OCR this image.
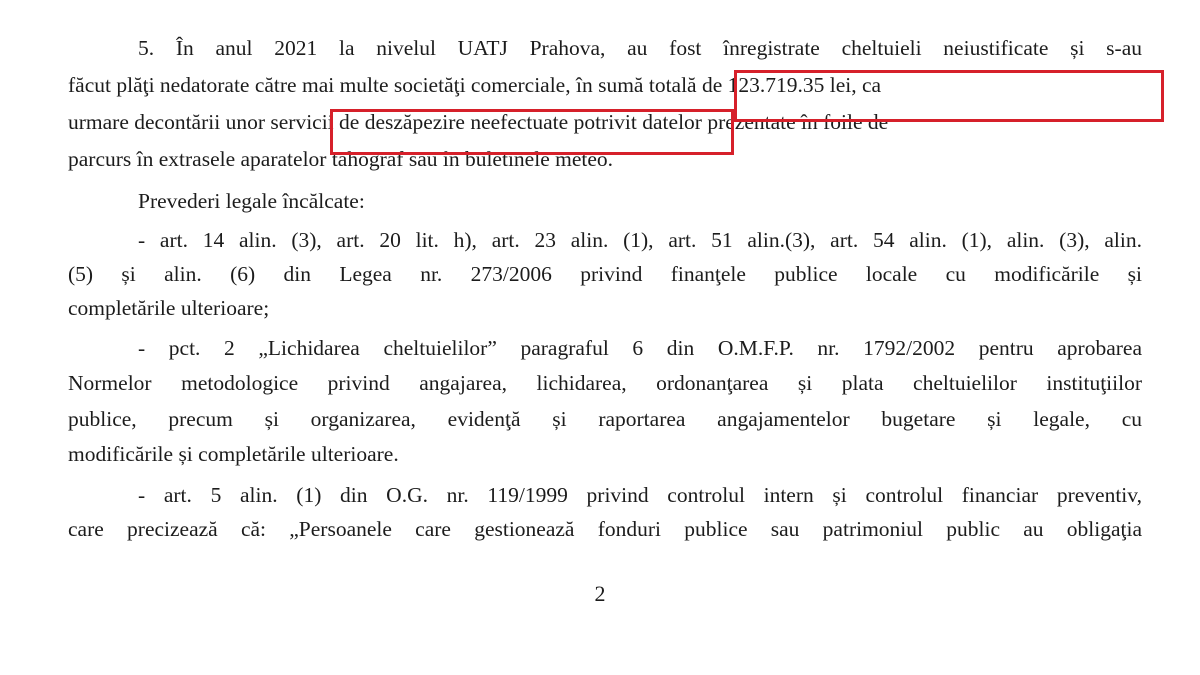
5. În anul 2021 la nivelul UATJ Prahova, au fost înregistrate cheltuieli neiustificate și s-au
făcut plăţi nedatorate către mai multe societăţi comerciale, în sumă totală de 123.719.35 lei, ca
urmare decontării unor servicii de deszăpezire neefectuate potrivit datelor prezentate în foile de
parcurs în extrasele aparatelor tahograf sau în buletinele meteo.
Prevederi legale încălcate:
- art. 14 alin. (3), art. 20 lit. h), art. 23 alin. (1), art. 51 alin.(3), art. 54 alin. (1), alin. (3), alin.
(5) și alin. (6) din Legea nr. 273/2006 privind finanţele publice locale cu modificările și
completările ulterioare;
- pct. 2 „Lichidarea cheltuielilor” paragraful 6 din O.M.F.P. nr. 1792/2002 pentru aprobarea
Normelor metodologice privind angajarea, lichidarea, ordonanţarea și plata cheltuielilor instituţiilor
publice, precum și organizarea, evidenţă și raportarea angajamentelor bugetare și legale, cu
modificările și completările ulterioare.
- art. 5 alin. (1) din O.G. nr. 119/1999 privind controlul intern și controlul financiar preventiv,
care precizează că: „Persoanele care gestionează fonduri publice sau patrimoniul public au obligaţia
2
